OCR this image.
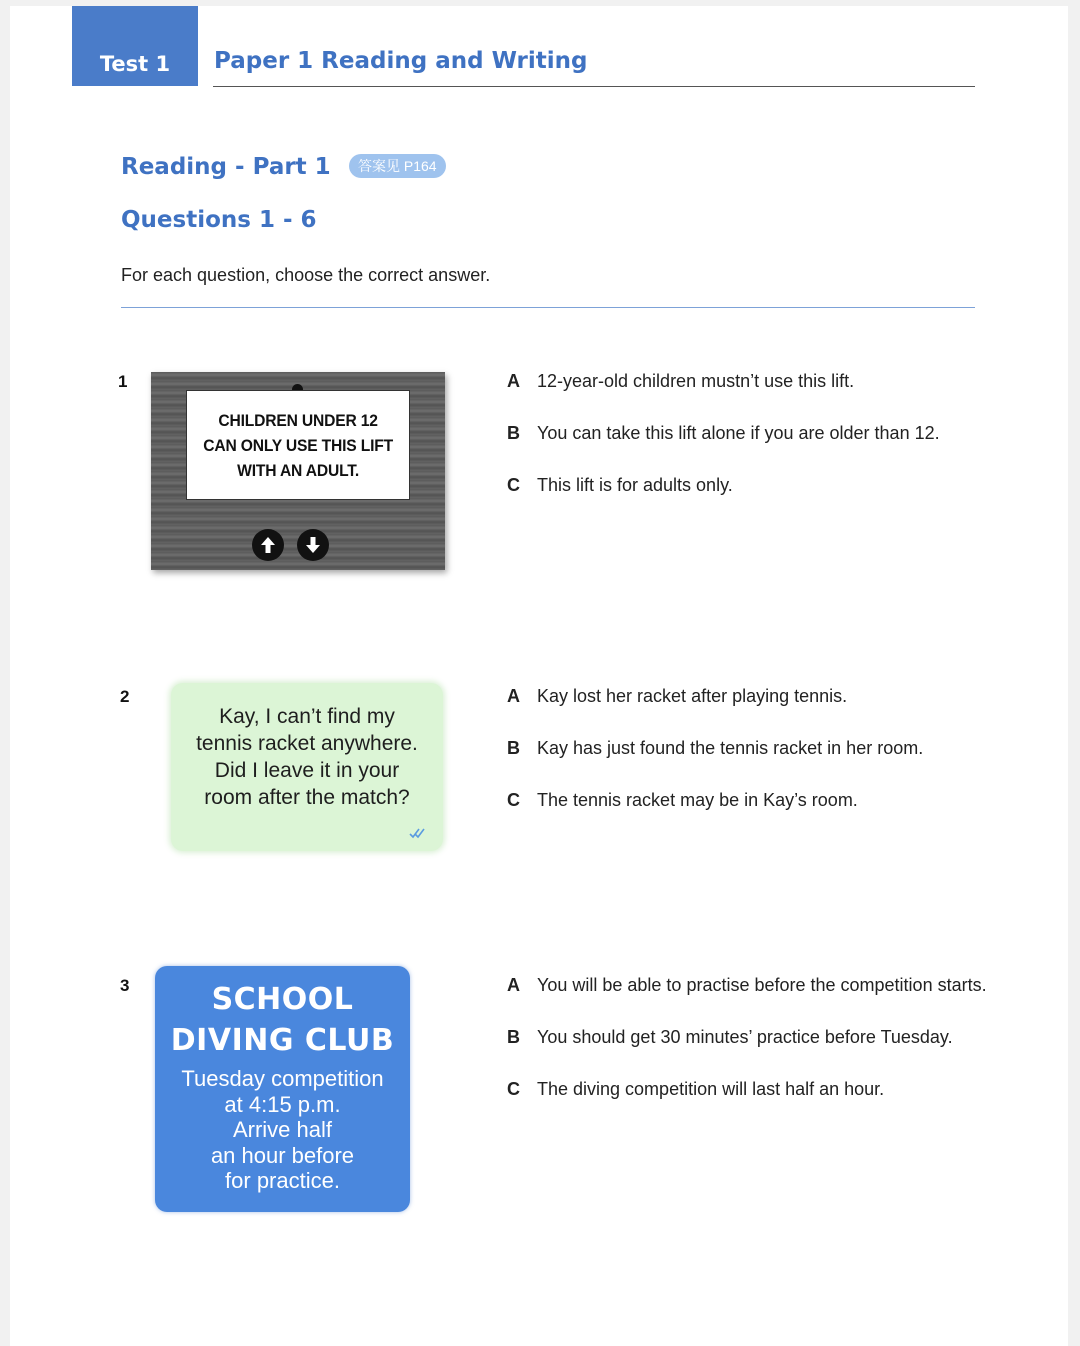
Test 1 Paper 1 Reading and Writing
Reading - Part 1	答案见 P164
Questions 1 - 6
For each question, choose the correct answer.
1
CHILDREN UNDER 12
CAN ONLY USE THIS LIFT
WITH AN ADULT.
A 12-year-old children mustn’t use this lift.
B You can take this lift alone if you are older than 12.
C This lift is for adults only.
2
Kay, I can’t find my
tennis racket anywhere.
Did I leave it in your
room after the match?
A Kay lost her racket after playing tennis.
B Kay has just found the tennis racket in her room.
C The tennis racket may be in Kay’s room.
3	SCHOOL
DIVING CLUB
Tuesday competition
at 4:15 p.m.
Arrive half
an hour before
for practice.
A You will be able to practise before the competition starts.
B You should get 30 minutes’ practice before Tuesday.
C The diving competition will last half an hour.
